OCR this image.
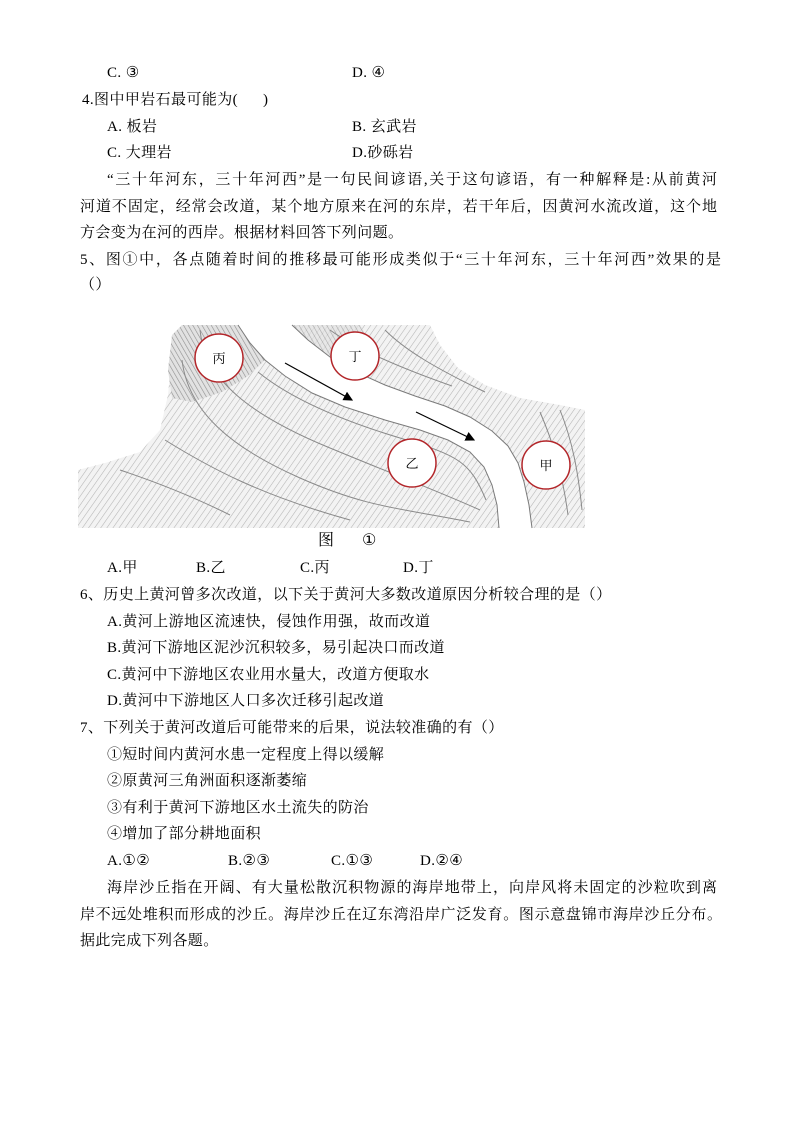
C. ③	D. ④
4.图中甲岩石最可能为(      )
A. 板岩	B. 玄武岩
C. 大理岩	D.砂砾岩
“三十年河东，三十年河西”是一句民间谚语,关于这句谚语，有一种解释是:从前黄河
河道不固定，经常会改道，某个地方原来在河的东岸，若干年后，因黄河水流改道，这个地
方会变为在河的西岸。根据材料回答下列问题。
5、图①中，各点随着时间的推移最可能形成类似于“三十年河东，三十年河西”效果的是
（）
丙	丁
乙	甲
图 ①
A.甲	B.乙	C.丙	D.丁
6、历史上黄河曾多次改道，以下关于黄河大多数改道原因分析较合理的是（）
A.黄河上游地区流速快，侵蚀作用强，故而改道
B.黄河下游地区泥沙沉积较多，易引起决口而改道
C.黄河中下游地区农业用水量大，改道方便取水
D.黄河中下游地区人口多次迁移引起改道
7、下列关于黄河改道后可能带来的后果，说法较准确的有（）
①短时间内黄河水患一定程度上得以缓解
②原黄河三角洲面积逐渐萎缩
③有利于黄河下游地区水土流失的防治
④增加了部分耕地面积
A.①②	B.②③	C.①③	D.②④
海岸沙丘指在开阔、有大量松散沉积物源的海岸地带上，向岸风将未固定的沙粒吹到离
岸不远处堆积而形成的沙丘。海岸沙丘在辽东湾沿岸广泛发育。图示意盘锦市海岸沙丘分布。
据此完成下列各题。
